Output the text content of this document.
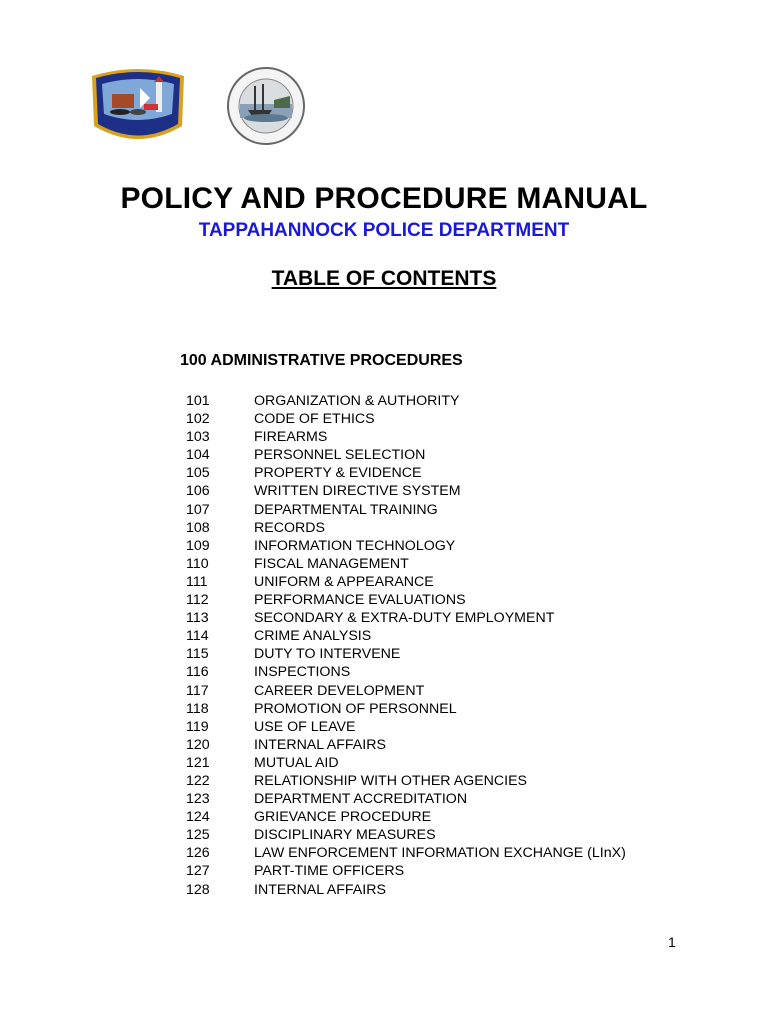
POLICY AND PROCEDURE MANUAL
TAPPAHANNOCK POLICE DEPARTMENT
TABLE OF CONTENTS
100 ADMINISTRATIVE PROCEDURES
101	ORGANIZATION & AUTHORITY
102	CODE OF ETHICS
103	FIREARMS
104	PERSONNEL SELECTION
105	PROPERTY & EVIDENCE
106	WRITTEN DIRECTIVE SYSTEM
107	DEPARTMENTAL TRAINING
108	RECORDS
109	INFORMATION TECHNOLOGY
110	FISCAL MANAGEMENT
111	UNIFORM & APPEARANCE
112	PERFORMANCE EVALUATIONS
113	SECONDARY & EXTRA-DUTY EMPLOYMENT
114	CRIME ANALYSIS
115	DUTY TO INTERVENE
116	INSPECTIONS
117	CAREER DEVELOPMENT
118	PROMOTION OF PERSONNEL
119	USE OF LEAVE
120	INTERNAL AFFAIRS
121	MUTUAL AID
122	RELATIONSHIP WITH OTHER AGENCIES
123	DEPARTMENT ACCREDITATION
124	GRIEVANCE PROCEDURE
125	DISCIPLINARY MEASURES
126	LAW ENFORCEMENT INFORMATION EXCHANGE (LInX)
127	PART-TIME OFFICERS
128	INTERNAL AFFAIRS
1
